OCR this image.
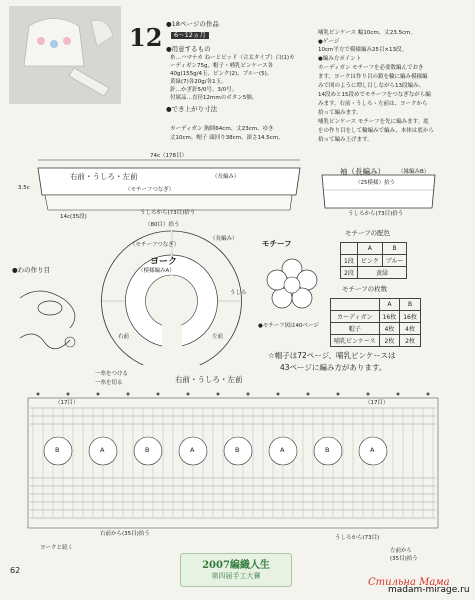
12 ●18ページの作品
6～12ヵ月
●用意するもの
糸…ハマナカ ねーとピッド（合太タイプ）白(1)カ
ーディガン75g、帽子・哺乳ピンケース各
40g(155g/4玉、ピンク(2)、ブルー(5)、
黄緑(7)各20g/各1玉。
針…かぎ針5/0号、3/0号。
付属品…直径12mmのボタン5個。
●でき上がり寸法
カーディガン 胸囲64cm、丈23cm、ゆき
丈10cm。帽子 頭回り38cm、深さ14.5cm。
哺乳ピンケース 幅10cm、丈23.5cm。
●ゲージ
10cm平方で模様編み25目×13段。
●編み方ポイント
カーディガン モチーフを必要数編んでおき
ます。ヨークは作り目の鎖を輪に編み模様編
みで図のように増し目しながら13段編み、
14段めと15段めでモチーフをつなぎながら編
みます。右前・うしろ・左前は、ヨークから
拾って編みます。
哺乳ピンケース モチーフを先に編みます。底
をの作り目をして輪編みで編み、本体は底から
拾って編み上げます。
74c（178目）
右前・うしろ・左前	（長編み）
（モチーフつなぎ）
3.5c
14c(35段)
うしろから(73目)拾う
（80目）拾う
袖（長編み） （縁編みB）
（25模様）拾う
うしろから(73目)拾う
（モチーフつなぎ）
（長編み）
ヨーク
（模様編みA）
右前	左前
うしろ
●わの作り目
モチーフ
●モチーフ図は40ページ
モチーフの配色
	A	B
1段	ピンク	ブルー
2段	黄緑	
モチーフの枚数
	A	B
カーディガン	16枚	16枚
帽子	4枚	4枚
哺乳ビンケース	2枚	2枚
☆帽子は72ページ、哺乳ビンケースは
43ページに編み方があります。
右前・うしろ・左前
（17目）	（17目）
一糸をつける
一糸を切る
B	A	B	A	B	A	B	A
ヨークと続く
右前から(35目)拾う
うしろから(73目)
左前から
(35目)拾う
62	2007編織人生
第四届手工大賽
Стильна Мама
madam-mirage.ru
